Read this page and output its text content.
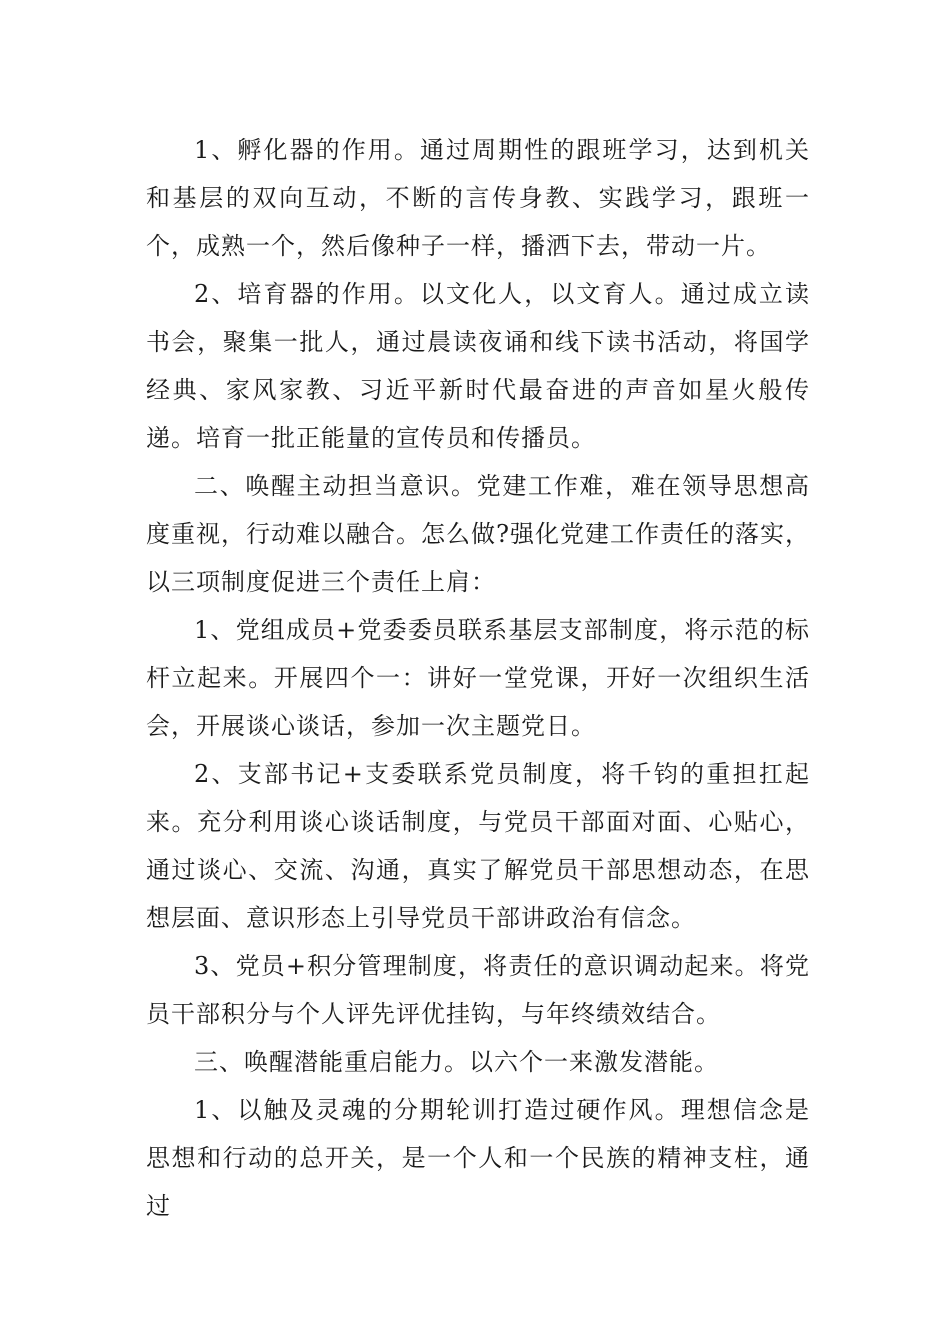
1、孵化器的作用。通过周期性的跟班学习，达到机关和基层的双向互动，不断的言传身教、实践学习，跟班一个，成熟一个，然后像种子一样，播洒下去，带动一片。

2、培育器的作用。以文化人，以文育人。通过成立读书会，聚集一批人，通过晨读夜诵和线下读书活动，将国学经典、家风家教、习近平新时代最奋进的声音如星火般传递。培育一批正能量的宣传员和传播员。

二、唤醒主动担当意识。党建工作难，难在领导思想高度重视，行动难以融合。怎么做?强化党建工作责任的落实，以三项制度促进三个责任上肩：

1、党组成员+党委委员联系基层支部制度，将示范的标杆立起来。开展四个一：讲好一堂党课，开好一次组织生活会，开展谈心谈话，参加一次主题党日。

2、支部书记+支委联系党员制度，将千钧的重担扛起来。充分利用谈心谈话制度，与党员干部面对面、心贴心，通过谈心、交流、沟通，真实了解党员干部思想动态，在思想层面、意识形态上引导党员干部讲政治有信念。

3、党员+积分管理制度，将责任的意识调动起来。将党员干部积分与个人评先评优挂钩，与年终绩效结合。

三、唤醒潜能重启能力。以六个一来激发潜能。

1、以触及灵魂的分期轮训打造过硬作风。理想信念是思想和行动的总开关，是一个人和一个民族的精神支柱，通过
